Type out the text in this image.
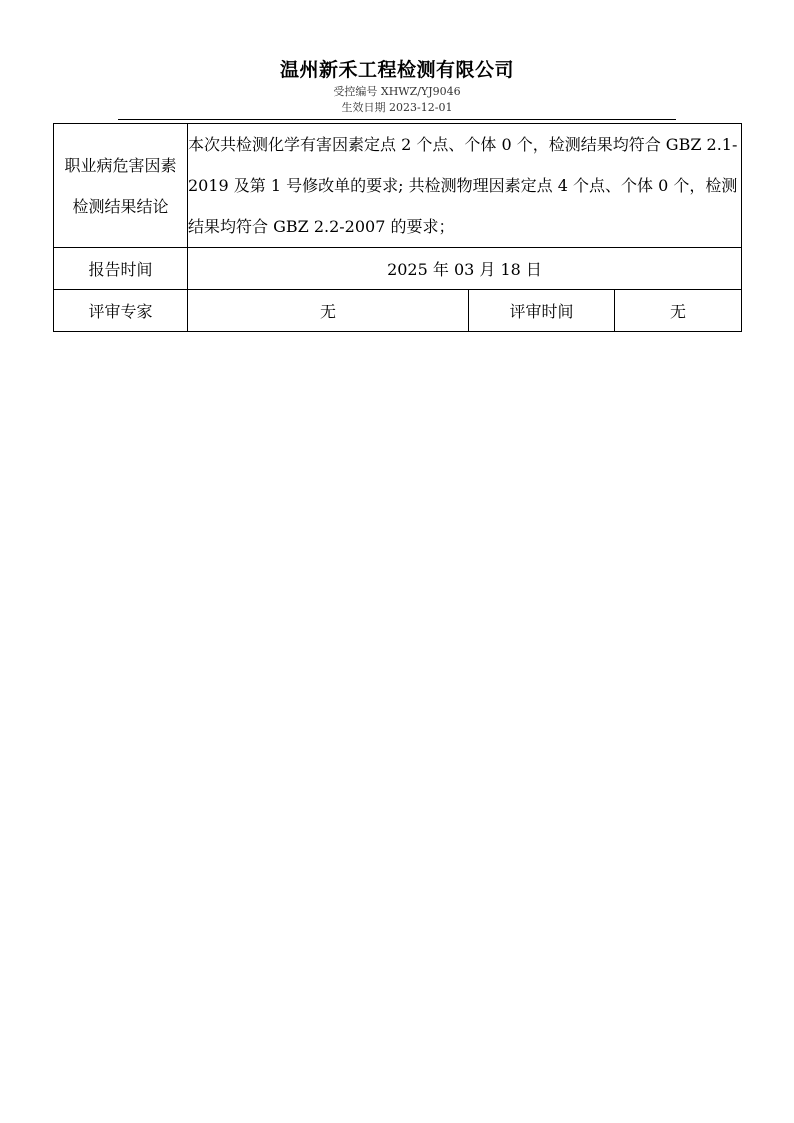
温州新禾工程检测有限公司
受控编号 XHWZ/YJ9046
生效日期 2023-12-01
职业病危害因素检测结果结论	本次共检测化学有害因素定点 2 个点、个体 0 个，检测结果均符合 GBZ 2.1-2019 及第 1 号修改单的要求; 共检测物理因素定点 4 个点、个体 0 个，检测结果均符合 GBZ 2.2-2007 的要求；		
报告时间	2025 年 03 月 18 日		
评审专家	无	评审时间	无
